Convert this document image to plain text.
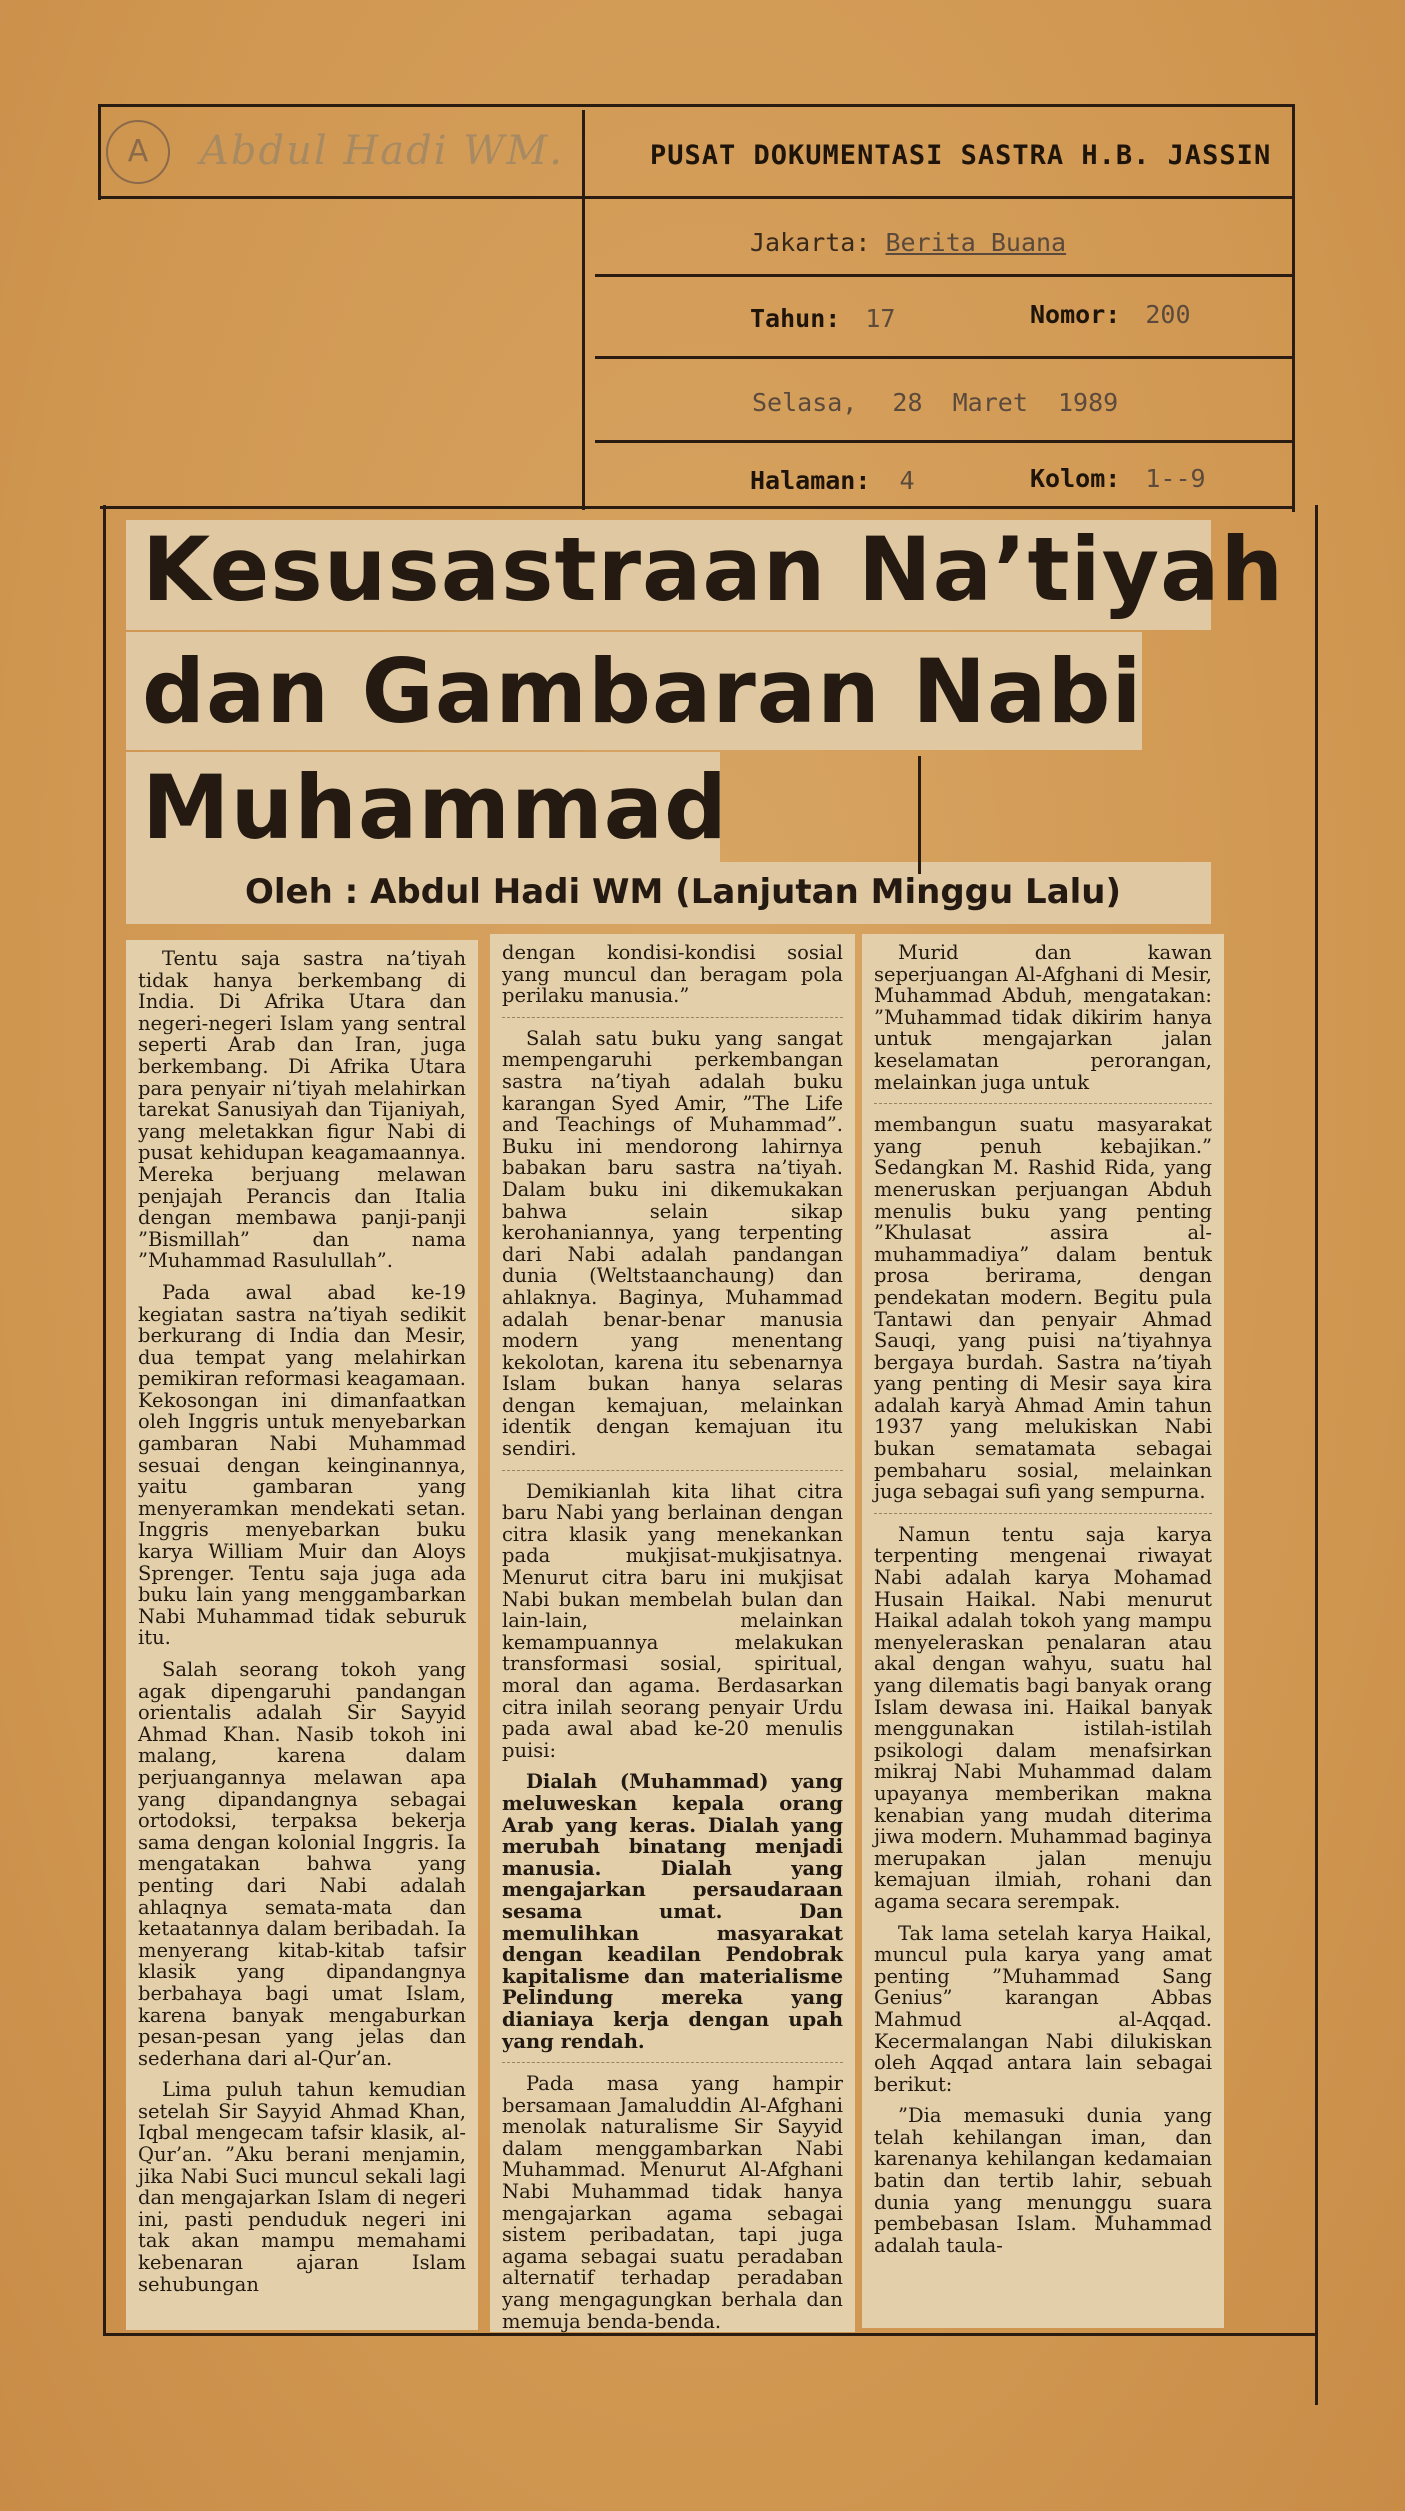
A	Abdul Hadi WM.	PUSAT DOKUMENTASI SASTRA H.B. JASSIN
Jakarta: Berita Buana
Tahun: 17	Nomor: 200
Selasa, 28  Maret  1989
Halaman: 4	Kolom: 1--9
Kesusastraan Na’tiyah
dan Gambaran Nabi
Muhammad
Oleh : Abdul Hadi WM (Lanjutan Minggu Lalu)

Tentu saja sastra na’tiyah tidak hanya berkembang di India. Di Afrika Utara dan negeri-negeri Islam yang sentral seperti Arab dan Iran, juga berkembang. Di Afrika Utara para penyair ni’tiyah melahirkan tarekat Sanusiyah dan Tijaniyah, yang meletakkan figur Nabi di pusat kehidupan keagamaannya. Mereka berjuang melawan penjajah Perancis dan Italia dengan membawa panji-panji ”Bismillah” dan nama ”Muhammad Rasulullah”.

Pada awal abad ke-19 kegiatan sastra na’tiyah sedikit berkurang di India dan Mesir, dua tempat yang melahirkan pemikiran reformasi keagamaan. Kekosongan ini dimanfaatkan oleh Inggris untuk menyebarkan gambaran Nabi Muhammad sesuai dengan keinginannya, yaitu gambaran yang menyeramkan mendekati setan. Inggris menyebarkan buku karya William Muir dan Aloys Sprenger. Tentu saja juga ada buku lain yang menggambarkan Nabi Muhammad tidak seburuk itu.

Salah seorang tokoh yang agak dipengaruhi pandangan orientalis adalah Sir Sayyid Ahmad Khan. Nasib tokoh ini malang, karena dalam perjuangannya melawan apa yang dipandangnya sebagai ortodoksi, terpaksa bekerja sama dengan kolonial Inggris. Ia mengatakan bahwa yang penting dari Nabi adalah ahlaqnya semata-mata dan ketaatannya dalam beribadah. Ia menyerang kitab-kitab tafsir klasik yang dipandangnya berbahaya bagi umat Islam, karena banyak mengaburkan pesan-pesan yang jelas dan sederhana dari al-Qur’an.

Lima puluh tahun kemudian setelah Sir Sayyid Ahmad Khan, Iqbal mengecam tafsir klasik, al-Qur’an. ”Aku berani menjamin, jika Nabi Suci muncul sekali lagi dan mengajarkan Islam di negeri ini, pasti penduduk negeri ini tak akan mampu memahami kebenaran ajaran Islam sehubungan

dengan kondisi-kondisi sosial yang muncul dan beragam pola perilaku manusia.”

Salah satu buku yang sangat mempengaruhi perkembangan sastra na’tiyah adalah buku karangan Syed Amir, ”The Life and Teachings of Muhammad”. Buku ini mendorong lahirnya babakan baru sastra na’tiyah. Dalam buku ini dikemukakan bahwa selain sikap kerohaniannya, yang terpenting dari Nabi adalah pandangan dunia (Weltstaanchaung) dan ahlaknya. Baginya, Muhammad adalah benar-benar manusia modern yang menentang kekolotan, karena itu sebenarnya Islam bukan hanya selaras dengan kemajuan, melainkan identik dengan kemajuan itu sendiri.

Demikianlah kita lihat citra baru Nabi yang berlainan dengan citra klasik yang menekankan pada mukjisat-mukjisatnya. Menurut citra baru ini mukjisat Nabi bukan membelah bulan dan lain-lain, melainkan kemampuannya melakukan transformasi sosial, spiritual, moral dan agama. Berdasarkan citra inilah seorang penyair Urdu pada awal abad ke-20 menulis puisi:

Dialah (Muhammad) yang meluweskan kepala orang Arab yang keras. Dialah yang merubah binatang menjadi manusia. Dialah yang mengajarkan persaudaraan sesama umat. Dan memulihkan masyarakat dengan keadilan Pendobrak kapitalisme dan materialisme Pelindung mereka yang dianiaya kerja dengan upah yang rendah.

Pada masa yang hampir bersamaan Jamaluddin Al-Afghani menolak naturalisme Sir Sayyid dalam menggambarkan Nabi Muhammad. Menurut Al-Afghani Nabi Muhammad tidak hanya mengajarkan agama sebagai sistem peribadatan, tapi juga agama sebagai suatu peradaban alternatif terhadap peradaban yang mengagungkan berhala dan memuja benda-benda.

Murid dan kawan seperjuangan Al-Afghani di Mesir, Muhammad Abduh, mengatakan: ”Muhammad tidak dikirim hanya untuk mengajarkan jalan keselamatan perorangan, melainkan juga untuk

membangun suatu masyarakat yang penuh kebajikan.” Sedangkan M. Rashid Rida, yang meneruskan perjuangan Abduh menulis buku yang penting ”Khulasat assira al-muhammadiya” dalam bentuk prosa berirama, dengan pendekatan modern. Begitu pula Tantawi dan penyair Ahmad Sauqi, yang puisi na’tiyahnya bergaya burdah. Sastra na’tiyah yang penting di Mesir saya kira adalah karyà Ahmad Amin tahun 1937 yang melukiskan Nabi bukan sematamata sebagai pembaharu sosial, melainkan juga sebagai sufi yang sempurna.

Namun tentu saja karya terpenting mengenai riwayat Nabi adalah karya Mohamad Husain Haikal. Nabi menurut Haikal adalah tokoh yang mampu menyeleraskan penalaran atau akal dengan wahyu, suatu hal yang dilematis bagi banyak orang Islam dewasa ini. Haikal banyak menggunakan istilah-istilah psikologi dalam menafsirkan mikraj Nabi Muhammad dalam upayanya memberikan makna kenabian yang mudah diterima jiwa modern. Muhammad baginya merupakan jalan menuju kemajuan ilmiah, rohani dan agama secara serempak.

Tak lama setelah karya Haikal, muncul pula karya yang amat penting ”Muhammad Sang Genius” karangan Abbas Mahmud al-Aqqad. Kecermalangan Nabi dilukiskan oleh Aqqad antara lain sebagai berikut:

”Dia memasuki dunia yang telah kehilangan iman, dan karenanya kehilangan kedamaian batin dan tertib lahir, sebuah dunia yang menunggu suara pembebasan Islam. Muhammad adalah taula-
